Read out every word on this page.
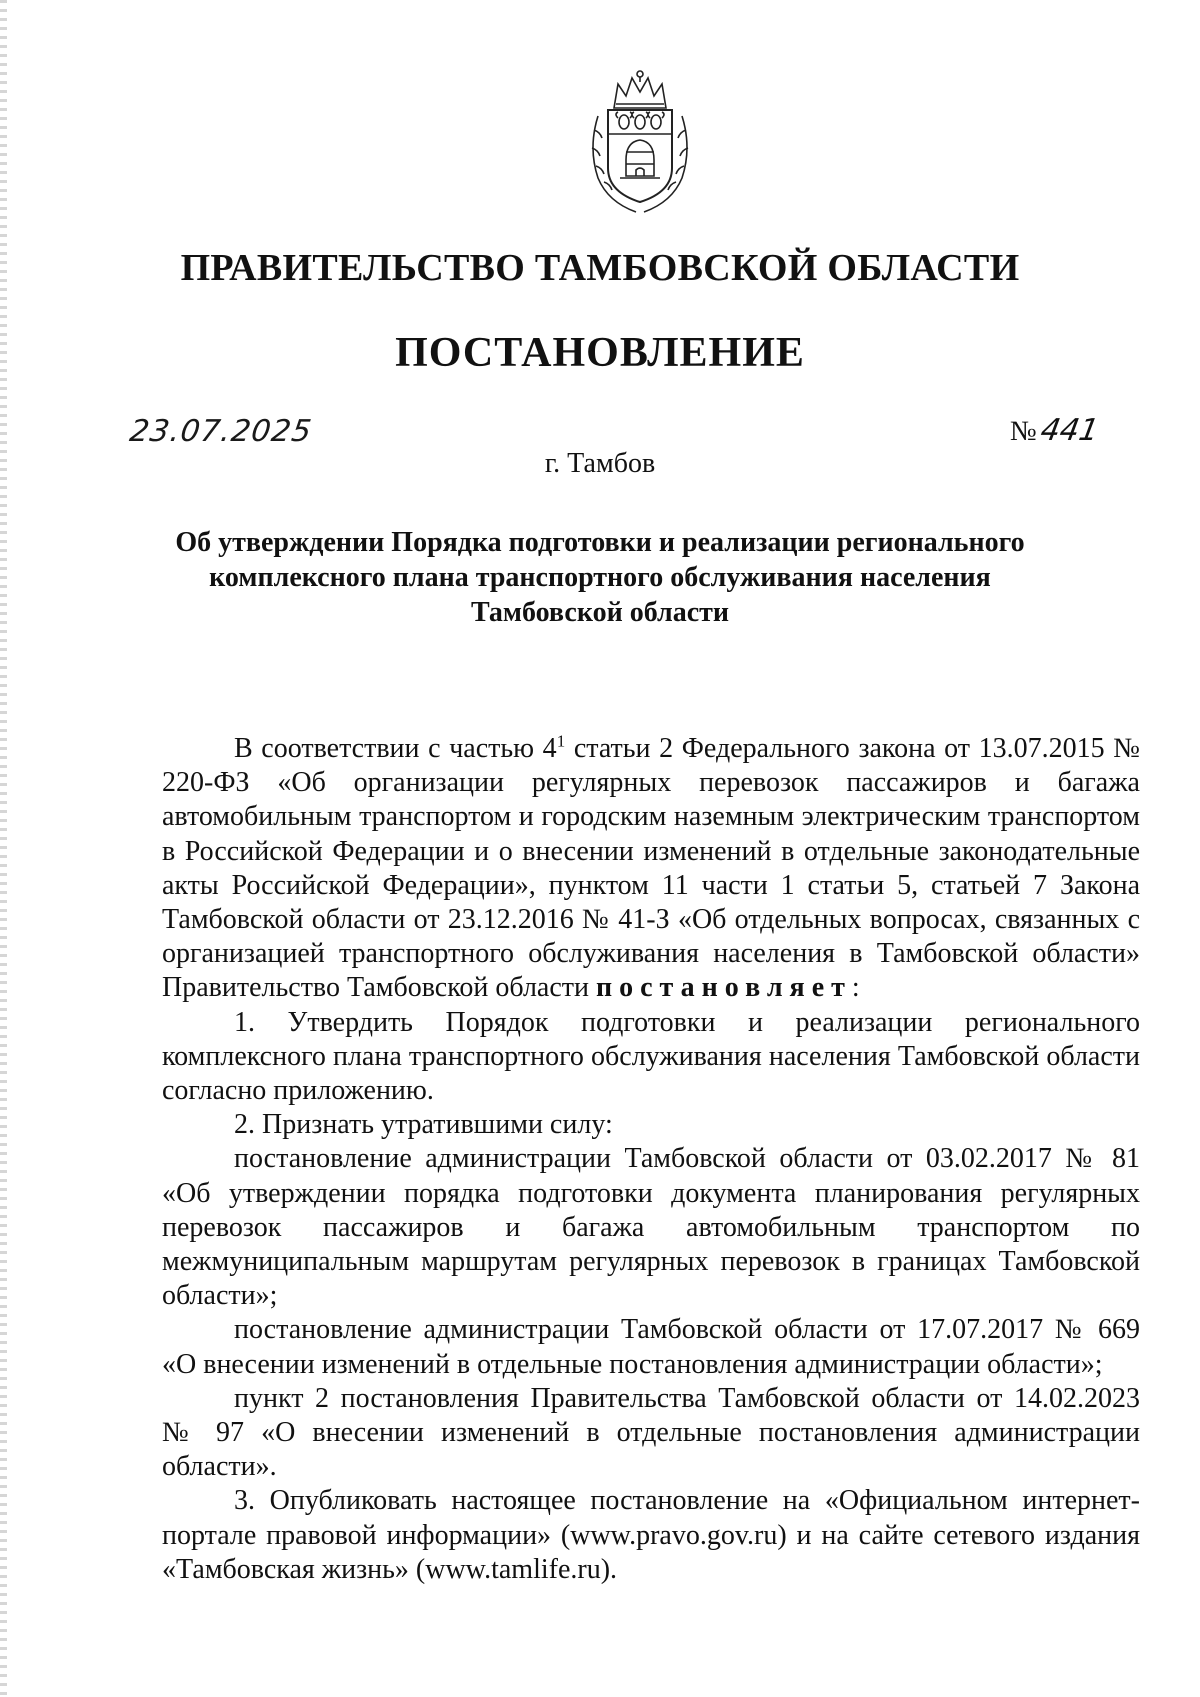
ПРАВИТЕЛЬСТВО ТАМБОВСКОЙ ОБЛАСТИ
ПОСТАНОВЛЕНИЕ
23.07.2025	№441
г. Тамбов
Об утверждении Порядка подготовки и реализации регионального
комплексного плана транспортного обслуживания населения
Тамбовской области

В соответствии с частью $4^1$ статьи 2 Федерального закона от 13.07.2015 № 220-ФЗ «Об организации регулярных перевозок пассажиров и багажа автомобильным транспортом и городским наземным электрическим транспортом в Российской Федерации и о внесении изменений в отдельные законодательные акты Российской Федерации», пунктом 11 части 1 статьи 5, статьей 7 Закона Тамбовской области от 23.12.2016 № 41-З «Об отдельных вопросах, связанных с организацией транспортного обслуживания населения в Тамбовской области» Правительство Тамбовской области постановляет:

1. Утвердить Порядок подготовки и реализации регионального комплексного плана транспортного обслуживания населения Тамбовской области согласно приложению.

2. Признать утратившими силу:

постановление администрации Тамбовской области от 03.02.2017 № 81 «Об утверждении порядка подготовки документа планирования регулярных перевозок пассажиров и багажа автомобильным транспортом по межмуниципальным маршрутам регулярных перевозок в границах Тамбовской области»;

постановление администрации Тамбовской области от 17.07.2017 № 669 «О внесении изменений в отдельные постановления администрации области»;

пункт 2 постановления Правительства Тамбовской области от 14.02.2023 № 97 «О внесении изменений в отдельные постановления администрации области».

3. Опубликовать настоящее постановление на «Официальном интернет-портале правовой информации» (www.pravo.gov.ru) и на сайте сетевого издания «Тамбовская жизнь» (www.tamlife.ru).
